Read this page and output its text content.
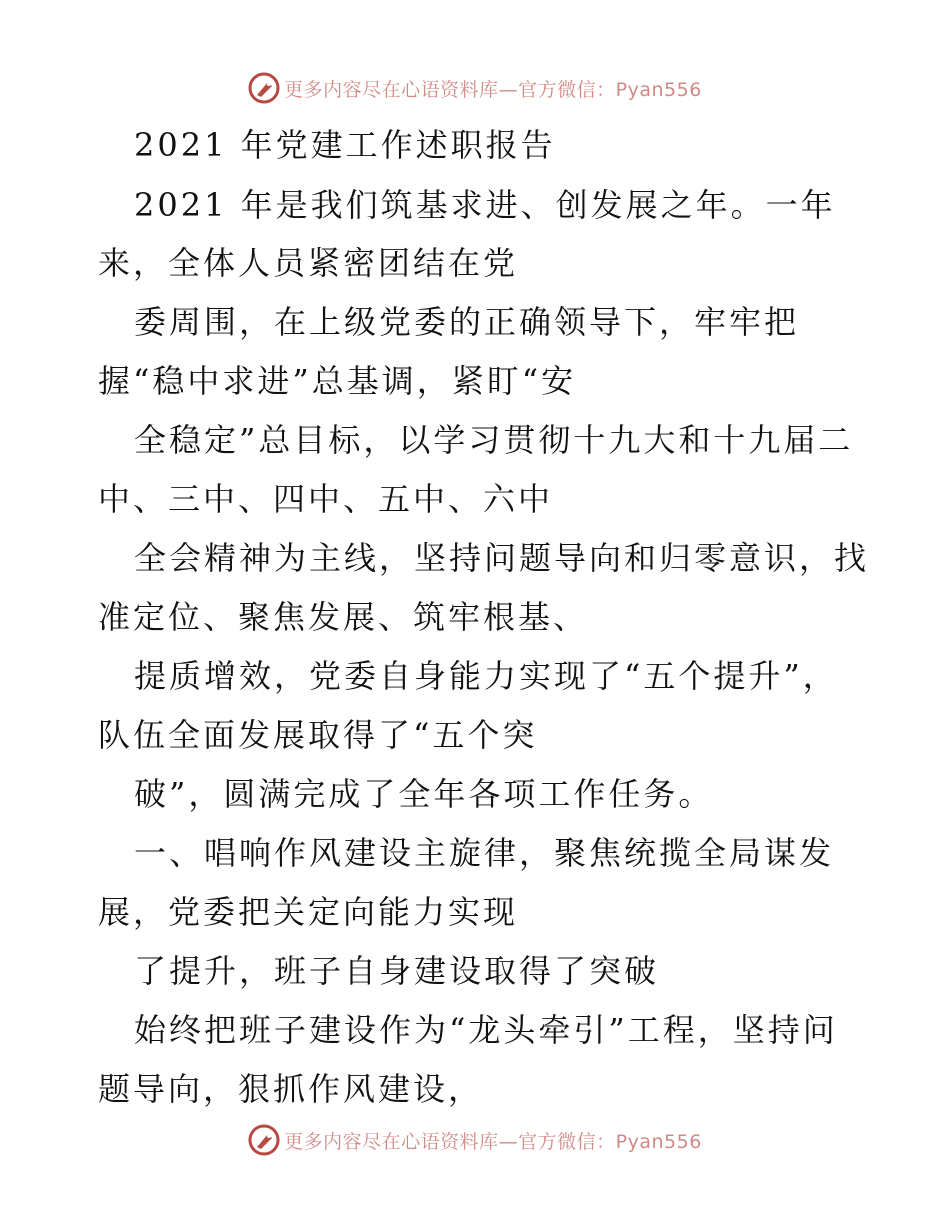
更多内容尽在心语资料库—官方微信：Pyan556
2021 年党建工作述职报告
2021 年是我们筑基求进、创发展之年。一年
来，全体人员紧密团结在党
委周围，在上级党委的正确领导下，牢牢把
握“稳中求进”总基调，紧盯“安
全稳定”总目标，以学习贯彻十九大和十九届二
中、三中、四中、五中、六中
全会精神为主线，坚持问题导向和归零意识，找
准定位、聚焦发展、筑牢根基、
提质增效，党委自身能力实现了“五个提升”，
队伍全面发展取得了“五个突
破”，圆满完成了全年各项工作任务。
一、唱响作风建设主旋律，聚焦统揽全局谋发
展，党委把关定向能力实现
了提升，班子自身建设取得了突破
始终把班子建设作为“龙头牵引”工程，坚持问
题导向，狠抓作风建设，
更多内容尽在心语资料库—官方微信：Pyan556
